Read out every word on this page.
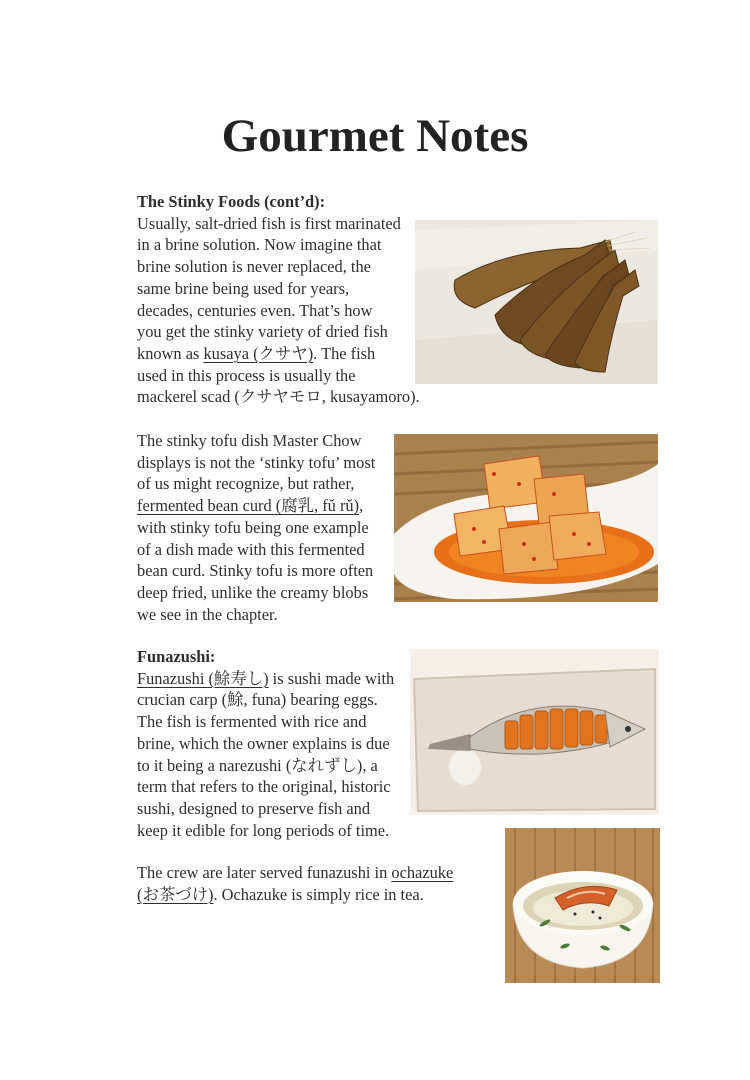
Gourmet Notes
The Stinky Foods (cont’d):
Usually, salt-dried fish is first marinated
in a brine solution. Now imagine that
brine solution is never replaced, the
same brine being used for years,
decades, centuries even. That’s how
you get the stinky variety of dried fish
known as kusaya (クサヤ). The fish
used in this process is usually the
mackerel scad (クサヤモロ, kusayamoro).
The stinky tofu dish Master Chow
displays is not the ‘stinky tofu’ most
of us might recognize, but rather,
fermented bean curd (腐乳, fǔ rǔ),
with stinky tofu being one example
of a dish made with this fermented
bean curd. Stinky tofu is more often
deep fried, unlike the creamy blobs
we see in the chapter.
Funazushi:
Funazushi (鮽寿し) is sushi made with
crucian carp (鮽, funa) bearing eggs.
The fish is fermented with rice and
brine, which the owner explains is due
to it being a narezushi (なれずし), a
term that refers to the original, historic
sushi, designed to preserve fish and
keep it edible for long periods of time.
The crew are later served funazushi in ochazuke
(お茶づけ). Ochazuke is simply rice in tea.
